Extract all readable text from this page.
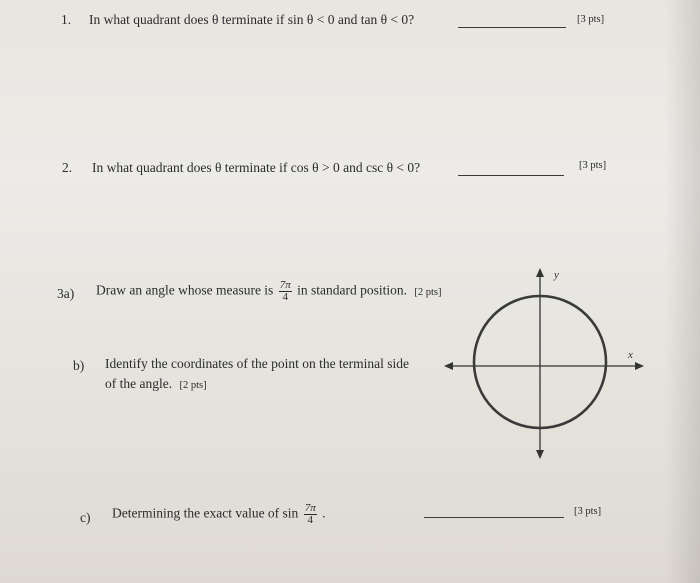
1. In what quadrant does θ terminate if sin θ < 0 and tan θ < 0?	[3 pts]
2. In what quadrant does θ terminate if cos θ > 0 and csc θ < 0?	[3 pts]
3a) Draw an angle whose measure is $\frac{7\pi}{4}$ in standard position. [2 pts]
b) Identify the coordinates of the point on the terminal side
of the angle. [2 pts]
c) Determining the exact value of $\sin \frac{7\pi}{4}$ .	[3 pts]
y
x
